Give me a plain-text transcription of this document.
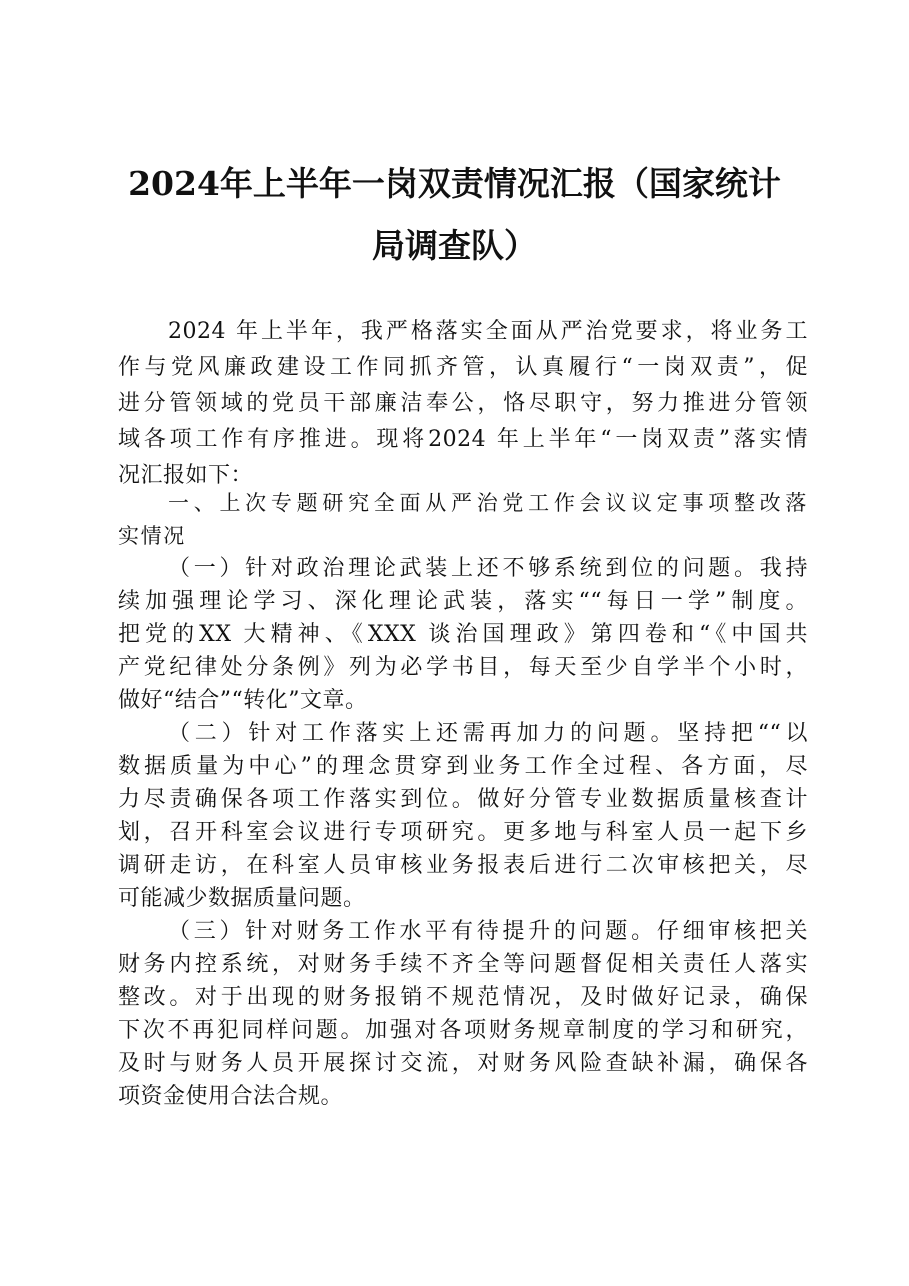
2024年上半年一岗双责情况汇报（国家统计
局调查队）
2024 年上半年，我严格落实全面从严治党要求，将业务工
作与党风廉政建设工作同抓齐管，认真履行“一岗双责”，促
进分管领域的党员干部廉洁奉公，恪尽职守，努力推进分管领
域各项工作有序推进。现将2024 年上半年“一岗双责”落实情
况汇报如下：
一、上次专题研究全面从严治党工作会议议定事项整改落
实情况
（一）针对政治理论武装上还不够系统到位的问题。我持
续加强理论学习、深化理论武装，落实““每日一学”制度。
把党的XX 大精神、《XXX 谈治国理政》第四卷和“《中国共
产党纪律处分条例》列为必学书目，每天至少自学半个小时，
做好“结合”“转化”文章。
（二）针对工作落实上还需再加力的问题。坚持把““以
数据质量为中心”的理念贯穿到业务工作全过程、各方面，尽
力尽责确保各项工作落实到位。做好分管专业数据质量核查计
划，召开科室会议进行专项研究。更多地与科室人员一起下乡
调研走访，在科室人员审核业务报表后进行二次审核把关，尽
可能减少数据质量问题。
（三）针对财务工作水平有待提升的问题。仔细审核把关
财务内控系统，对财务手续不齐全等问题督促相关责任人落实
整改。对于出现的财务报销不规范情况，及时做好记录，确保
下次不再犯同样问题。加强对各项财务规章制度的学习和研究，
及时与财务人员开展探讨交流，对财务风险查缺补漏，确保各
项资金使用合法合规。
